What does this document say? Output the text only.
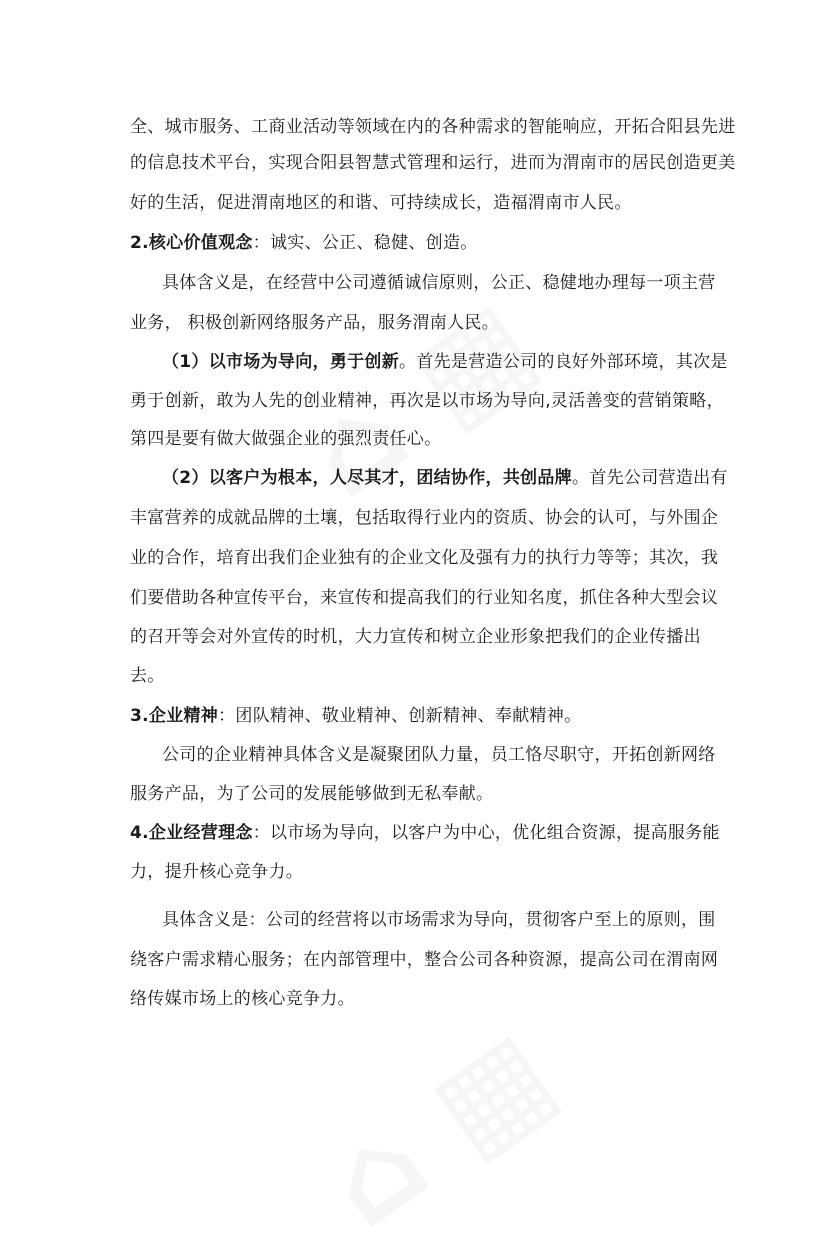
全、城市服务、工商业活动等领域在内的各种需求的智能响应，开拓合阳县先进
的信息技术平台，实现合阳县智慧式管理和运行，进而为渭南市的居民创造更美
好的生活，促进渭南地区的和谐、可持续成长，造福渭南市人民。
2.核心价值观念：诚实、公正、稳健、创造。
具体含义是，在经营中公司遵循诚信原则，公正、稳健地办理每一项主营
业务， 积极创新网络服务产品，服务渭南人民。
（1）以市场为导向，勇于创新。首先是营造公司的良好外部环境，其次是
勇于创新，敢为人先的创业精神，再次是以市场为导向,灵活善变的营销策略，
第四是要有做大做强企业的强烈责任心。
（2）以客户为根本，人尽其才，团结协作，共创品牌。首先公司营造出有
丰富营养的成就品牌的土壤，包括取得行业内的资质、协会的认可，与外围企
业的合作，培育出我们企业独有的企业文化及强有力的执行力等等；其次，我
们要借助各种宣传平台，来宣传和提高我们的行业知名度，抓住各种大型会议
的召开等会对外宣传的时机，大力宣传和树立企业形象把我们的企业传播出
去。
3.企业精神：团队精神、敬业精神、创新精神、奉献精神。
公司的企业精神具体含义是凝聚团队力量，员工恪尽职守，开拓创新网络
服务产品，为了公司的发展能够做到无私奉献。
4.企业经营理念：以市场为导向，以客户为中心，优化组合资源，提高服务能
力，提升核心竞争力。
具体含义是：公司的经营将以市场需求为导向，贯彻客户至上的原则，围
绕客户需求精心服务；在内部管理中，整合公司各种资源，提高公司在渭南网
络传媒市场上的核心竞争力。
